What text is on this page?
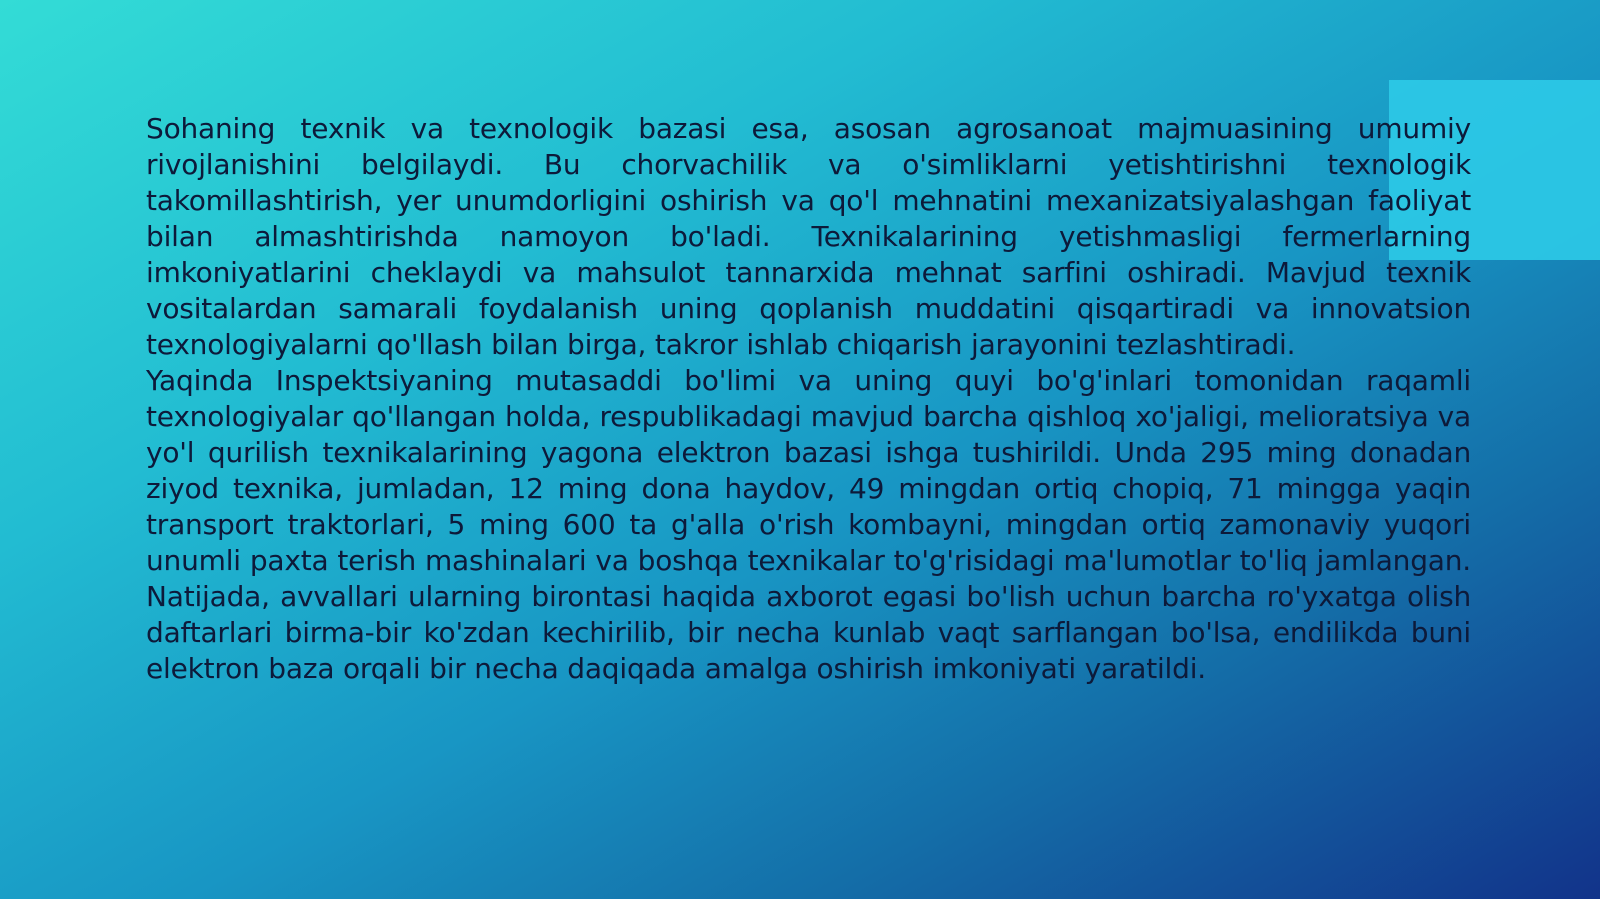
Sohaning texnik va texnologik bazasi esa, asosan agrosanoat majmuasining umumiy rivojlanishini belgilaydi. Bu chorvachilik va o'simliklarni yetishtirishni texnologik takomillashtirish, yer unumdorligini oshirish va qo'l mehnatini mexanizatsiyalashgan faoliyat bilan almashtirishda namoyon bo'ladi. Texnikalarining yetishmasligi fermerlarning imkoniyatlarini cheklaydi va mahsulot tannarxida mehnat sarfini oshiradi. Mavjud texnik vositalardan samarali foydalanish uning qoplanish muddatini qisqartiradi va innovatsion texnologiyalarni qo'llash bilan birga, takror ishlab chiqarish jarayonini tezlashtiradi.

Yaqinda Inspektsiyaning mutasaddi bo'limi va uning quyi bo'g'inlari tomonidan raqamli texnologiyalar qo'llangan holda, respublikadagi mavjud barcha qishloq xo'jaligi, melioratsiya va yo'l qurilish texnikalarining yagona elektron bazasi ishga tushirildi. Unda 295 ming donadan ziyod texnika, jumladan, 12 ming dona haydov, 49 mingdan ortiq chopiq, 71 mingga yaqin transport traktorlari, 5 ming 600 ta g'alla o'rish kombayni, mingdan ortiq zamonaviy yuqori unumli paxta terish mashinalari va boshqa texnikalar to'g'risidagi ma'lumotlar to'liq jamlangan. Natijada, avvallari ularning birontasi haqida axborot egasi bo'lish uchun barcha ro'yxatga olish daftarlari birma-bir ko'zdan kechirilib, bir necha kunlab vaqt sarflangan bo'lsa, endilikda buni elektron baza orqali bir necha daqiqada amalga oshirish imkoniyati yaratildi.
